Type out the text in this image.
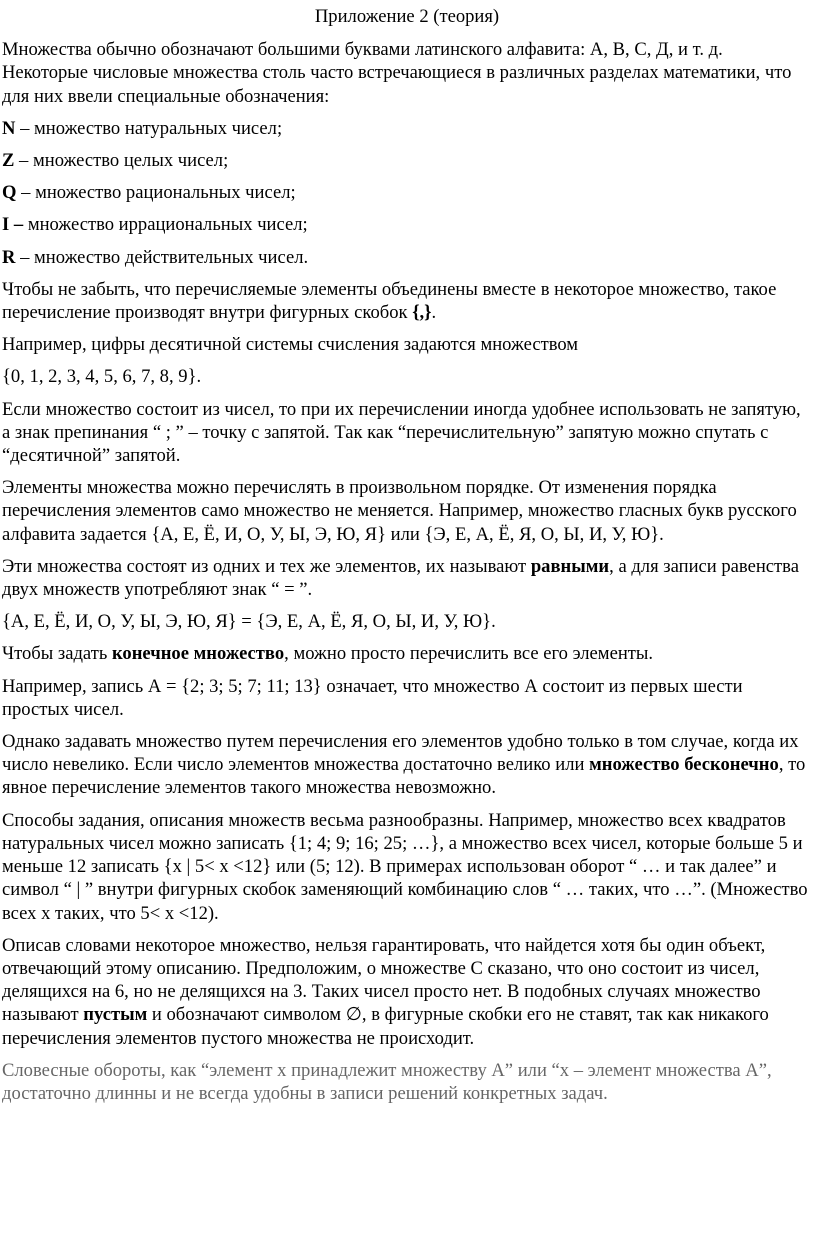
Приложение 2 (теория)

Множества обычно обозначают большими буквами латинского алфавита: А, В, С, Д, и т. д. Некоторые числовые множества столь часто встречающиеся в различных разделах математики, что для них ввели специальные обозначения:

N – множество натуральных чисел;

Z – множество целых чисел;

Q – множество рациональных чисел;

I – множество иррациональных чисел;

R – множество действительных чисел.

Чтобы не забыть, что перечисляемые элементы объединены вместе в некоторое множество, такое перечисление производят внутри фигурных скобок {,}.

Например, цифры десятичной системы счисления задаются множеством

{0, 1, 2, 3, 4, 5, 6, 7, 8, 9}.

Если множество состоит из чисел, то при их перечислении иногда удобнее использовать не запятую, а знак препинания “ ; ” – точку с запятой. Так как “перечислительную” запятую можно спутать с “десятичной” запятой.

Элементы множества можно перечислять в произвольном порядке. От изменения порядка перечисления элементов само множество не меняется. Например, множество гласных букв русского алфавита задается {А, Е, Ё, И, О, У, Ы, Э, Ю, Я} или {Э, Е, А, Ё, Я, О, Ы, И, У, Ю}.

Эти множества состоят из одних и тех же элементов, их называют равными, а для записи равенства двух множеств употребляют знак “ = ”.

{А, Е, Ё, И, О, У, Ы, Э, Ю, Я} = {Э, Е, А, Ё, Я, О, Ы, И, У, Ю}.

Чтобы задать конечное множество, можно просто перечислить все его элементы.

Например, запись А = {2; 3; 5; 7; 11; 13} означает, что множество А состоит из первых шести простых чисел.

Однако задавать множество путем перечисления его элементов удобно только в том случае, когда их число невелико. Если число элементов множества достаточно велико или множество бесконечно, то явное перечисление элементов такого множества невозможно.

Способы задания, описания множеств весьма разнообразны. Например, множество всех квадратов натуральных чисел можно записать {1; 4; 9; 16; 25; …}, а множество всех чисел, которые больше 5 и меньше 12 записать {x | 5< x <12} или (5; 12). В примерах использован оборот “ … и так далее” и символ “ | ” внутри фигурных скобок заменяющий комбинацию слов “ … таких, что …”. (Множество всех х таких, что 5< x <12).

Описав словами некоторое множество, нельзя гарантировать, что найдется хотя бы один объект, отвечающий этому описанию. Предположим, о множестве С сказано, что оно состоит из чисел, делящихся на 6, но не делящихся на 3. Таких чисел просто нет. В подобных случаях множество называют пустым и обозначают символом ∅, в фигурные скобки его не ставят, так как никакого перечисления элементов пустого множества не происходит.

Словесные обороты, как “элемент х принадлежит множеству А” или “х – элемент множества А”, достаточно длинны и не всегда удобны в записи решений конкретных задач.
